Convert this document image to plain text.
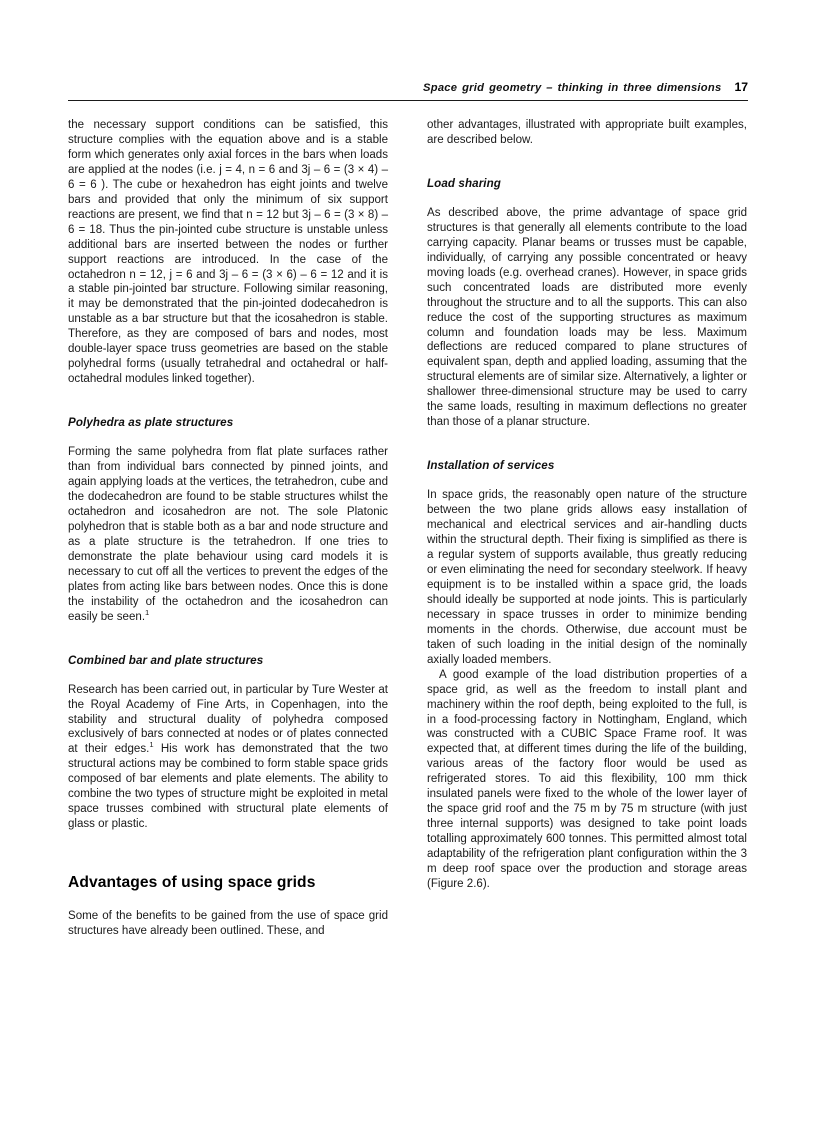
Space grid geometry – thinking in three dimensions 17

the necessary support conditions can be satisfied, this structure complies with the equation above and is a stable form which generates only axial forces in the bars when loads are applied at the nodes (i.e. j = 4, n = 6 and 3j – 6 = (3 × 4) – 6 = 6 ). The cube or hexahedron has eight joints and twelve bars and provided that only the minimum of six support reactions are present, we find that n = 12 but 3j – 6 = (3 × 8) – 6 = 18. Thus the pin-jointed cube structure is unstable unless additional bars are inserted between the nodes or further support reactions are introduced. In the case of the octahedron n = 12, j = 6 and 3j – 6 = (3 × 6) – 6 = 12 and it is a stable pin-jointed bar structure. Following similar reasoning, it may be demonstrated that the pin-jointed dodecahedron is unstable as a bar structure but that the icosahedron is stable. Therefore, as they are composed of bars and nodes, most double-layer space truss geometries are based on the stable polyhedral forms (usually tetrahedral and octahedral or half-octahedral modules linked together).

Polyhedra as plate structures

Forming the same polyhedra from flat plate surfaces rather than from individual bars connected by pinned joints, and again applying loads at the vertices, the tetrahedron, cube and the dodecahedron are found to be stable structures whilst the octahedron and icosahedron are not. The sole Platonic polyhedron that is stable both as a bar and node structure and as a plate structure is the tetrahedron. If one tries to demonstrate the plate behaviour using card models it is necessary to cut off all the vertices to prevent the edges of the plates from acting like bars between nodes. Once this is done the instability of the octahedron and the icosahedron can easily be seen.$^1$

Combined bar and plate structures

Research has been carried out, in particular by Ture Wester at the Royal Academy of Fine Arts, in Copenhagen, into the stability and structural duality of polyhedra composed exclusively of bars connected at nodes or of plates connected at their edges.$^1$ His work has demonstrated that the two structural actions may be combined to form stable space grids composed of bar elements and plate elements. The ability to combine the two types of structure might be exploited in metal space trusses combined with structural plate elements of glass or plastic.

Advantages of using space grids

Some of the benefits to be gained from the use of space grid structures have already been outlined. These, and

other advantages, illustrated with appropriate built examples, are described below.

Load sharing

As described above, the prime advantage of space grid structures is that generally all elements contribute to the load carrying capacity. Planar beams or trusses must be capable, individually, of carrying any possible concentrated or heavy moving loads (e.g. overhead cranes). However, in space grids such concentrated loads are distributed more evenly throughout the structure and to all the supports. This can also reduce the cost of the supporting structures as maximum column and foundation loads may be less. Maximum deflections are reduced compared to plane structures of equivalent span, depth and applied loading, assuming that the structural elements are of similar size. Alternatively, a lighter or shallower three-dimensional structure may be used to carry the same loads, resulting in maximum deflections no greater than those of a planar structure.

Installation of services

In space grids, the reasonably open nature of the structure between the two plane grids allows easy installation of mechanical and electrical services and air-handling ducts within the structural depth. Their fixing is simplified as there is a regular system of supports available, thus greatly reducing or even eliminating the need for secondary steelwork. If heavy equipment is to be installed within a space grid, the loads should ideally be supported at node joints. This is particularly necessary in space trusses in order to minimize bending moments in the chords. Otherwise, due account must be taken of such loading in the initial design of the nominally axially loaded members.

A good example of the load distribution properties of a space grid, as well as the freedom to install plant and machinery within the roof depth, being exploited to the full, is in a food-processing factory in Nottingham, England, which was constructed with a CUBIC Space Frame roof. It was expected that, at different times during the life of the building, various areas of the factory floor would be used as refrigerated stores. To aid this flexibility, 100 mm thick insulated panels were fixed to the whole of the lower layer of the space grid roof and the 75 m by 75 m structure (with just three internal supports) was designed to take point loads totalling approximately 600 tonnes. This permitted almost total adaptability of the refrigeration plant configuration within the 3 m deep roof space over the production and storage areas (Figure 2.6).
